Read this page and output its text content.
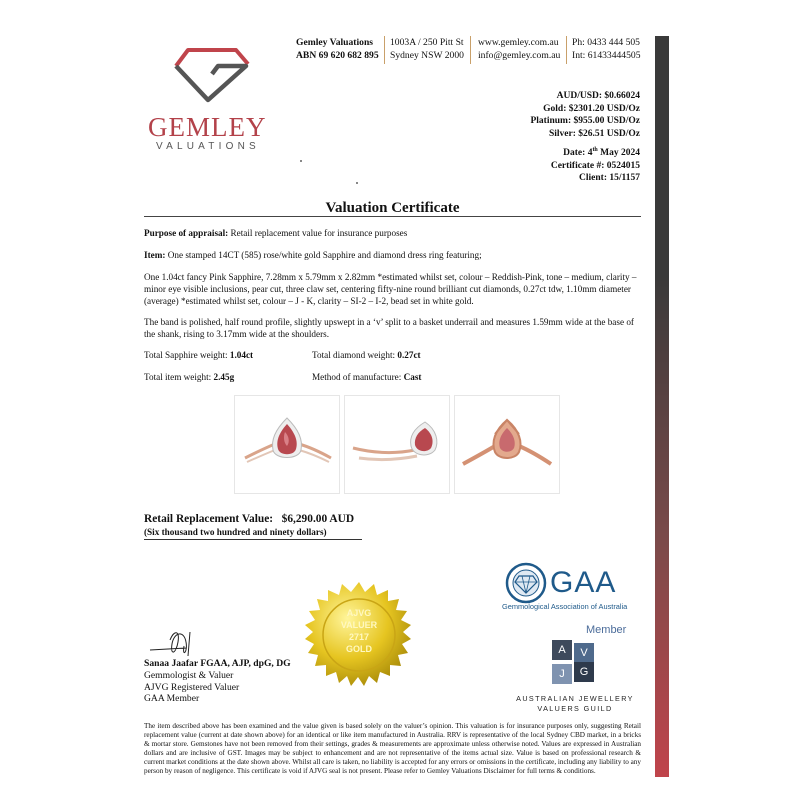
GEMLEY
VALUATIONS
Gemley Valuations
ABN 69 620 682 895
1003A / 250 Pitt St
Sydney NSW 2000
www.gemley.com.au
info@gemley.com.au
Ph: 0433 444 505
Int: 61433444505
AUD/USD: $0.66024
Gold: $2301.20 USD/Oz
Platinum: $955.00 USD/Oz
Silver: $26.51 USD/Oz
Date: 4th May 2024
Certificate #: 0524015
Client: 15/1157
Valuation Certificate
Purpose of appraisal: Retail replacement value for insurance purposes
Item: One stamped 14CT (585) rose/white gold Sapphire and diamond dress ring featuring;
One 1.04ct fancy Pink Sapphire, 7.28mm x 5.79mm x 2.82mm *estimated whilst set, colour – Reddish-Pink, tone – medium, clarity – minor eye visible inclusions, pear cut, three claw set, centering fifty-nine round brilliant cut diamonds, 0.27ct tdw, 1.10mm diameter (average) *estimated whilst set, colour – J - K, clarity – SI-2 – I-2, bead set in white gold.
The band is polished, half round profile, slightly upswept in a ‘v’ split to a basket underrail and measures 1.59mm wide at the base of the shank, rising to 3.17mm wide at the shoulders.
Total Sapphire weight: 1.04ct	Total diamond weight: 0.27ct
Total item weight: 2.45g	Method of manufacture: Cast
Retail Replacement Value: $6,290.00 AUD
(Six thousand two hundred and ninety dollars)
AJVG
VALUER
2717
GOLD
Sanaa Jaafar FGAA, AJP, dpG, DG
Gemmologist & Valuer
AJVG Registered Valuer
GAA Member
GAA
Gemmological Association of Australia
Member
A	V
J	G
AUSTRALIAN JEWELLERY
VALUERS GUILD
The item described above has been examined and the value given is based solely on the valuer’s opinion. This valuation is for insurance purposes only, suggesting Retail replacement value (current at date shown above) for an identical or like item manufactured in Australia. RRV is representative of the local Sydney CBD market, in a bricks & mortar store. Gemstones have not been removed from their settings, grades & measurements are approximate unless otherwise noted. Values are expressed in Australian dollars and are inclusive of GST. Images may be subject to enhancement and are not representative of the items actual size. Value is based on professional research & current market conditions at the date shown above. Whilst all care is taken, no liability is accepted for any errors or omissions in the certificate, including any liability to any person by reason of negligence. This certificate is void if AJVG seal is not present. Please refer to Gemley Valuations Disclaimer for full terms & conditions.
